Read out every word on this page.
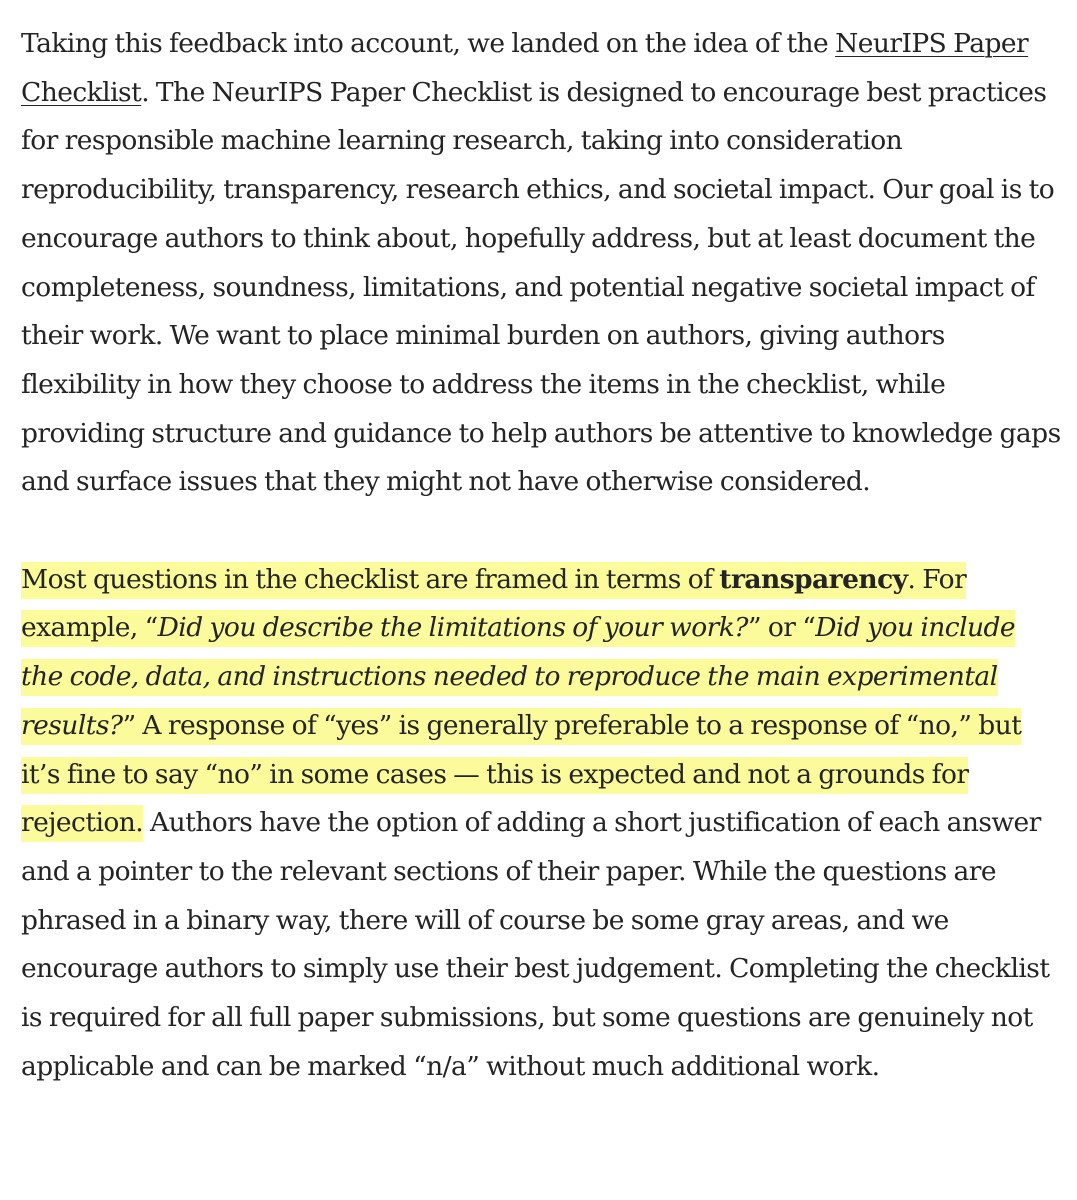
Taking this feedback into account, we landed on the idea of the NeurIPS Paper Checklist. The NeurIPS Paper Checklist is designed to encourage best practices for responsible machine learning research, taking into consideration reproducibility, transparency, research ethics, and societal impact. Our goal is to encourage authors to think about, hopefully address, but at least document the completeness, soundness, limitations, and potential negative societal impact of their work. We want to place minimal burden on authors, giving authors flexibility in how they choose to address the items in the checklist, while providing structure and guidance to help authors be attentive to knowledge gaps and surface issues that they might not have otherwise considered.

Most questions in the checklist are framed in terms of transparency. For example, “Did you describe the limitations of your work?” or “Did you include the code, data, and instructions needed to reproduce the main experimental results?” A response of “yes” is generally preferable to a response of “no,” but it’s fine to say “no” in some cases — this is expected and not a grounds for rejection. Authors have the option of adding a short justification of each answer and a pointer to the relevant sections of their paper. While the questions are phrased in a binary way, there will of course be some gray areas, and we encourage authors to simply use their best judgement. Completing the checklist is required for all full paper submissions, but some questions are genuinely not applicable and can be marked “n/a” without much additional work.
